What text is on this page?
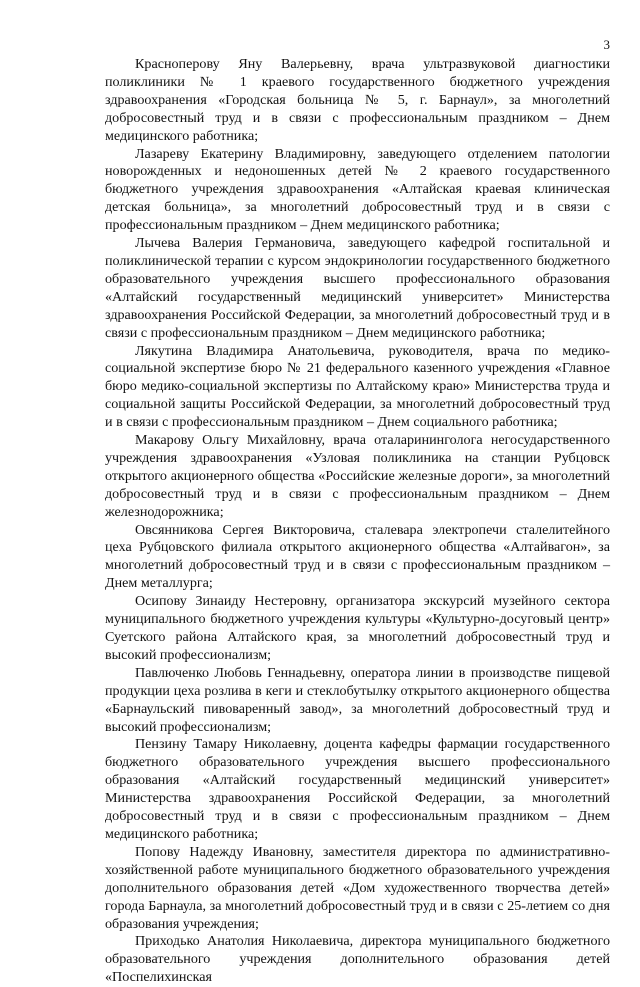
3

Красноперову Яну Валерьевну, врача ультразвуковой диагностики поликлиники № 1 краевого государственного бюджетного учреждения здравоохранения «Городская больница № 5, г. Барнаул», за многолетний добросовестный труд и в связи с профессиональным праздником – Днем медицинского работника;

Лазареву Екатерину Владимировну, заведующего отделением патологии новорожденных и недоношенных детей № 2 краевого государственного бюджетного учреждения здравоохранения «Алтайская краевая клиническая детская больница», за многолетний добросовестный труд и в связи с профессиональным праздником – Днем медицинского работника;

Лычева Валерия Германовича, заведующего кафедрой госпитальной и поликлинической терапии с курсом эндокринологии государственного бюджетного образовательного учреждения высшего профессионального образования «Алтайский государственный медицинский университет» Министерства здравоохранения Российской Федерации, за многолетний добросовестный труд и в связи с профессиональным праздником – Днем медицинского работника;

Лякутина Владимира Анатольевича, руководителя, врача по медико-социальной экспертизе бюро № 21 федерального казенного учреждения «Главное бюро медико-социальной экспертизы по Алтайскому краю» Министерства труда и социальной защиты Российской Федерации, за многолетний добросовестный труд и в связи с профессиональным праздником – Днем социального работника;

Макарову Ольгу Михайловну, врача оталарининголога негосударственного учреждения здравоохранения «Узловая поликлиника на станции Рубцовск открытого акционерного общества «Российские железные дороги», за многолетний добросовестный труд и в связи с профессиональным праздником – Днем железнодорожника;

Овсянникова Сергея Викторовича, сталевара электропечи сталелитейного цеха Рубцовского филиала открытого акционерного общества «Алтайвагон», за многолетний добросовестный труд и в связи с профессиональным праздником – Днем металлурга;

Осипову Зинаиду Нестеровну, организатора экскурсий музейного сектора муниципального бюджетного учреждения культуры «Культурно-досуговый центр» Суетского района Алтайского края, за многолетний добросовестный труд и высокий профессионализм;

Павлюченко Любовь Геннадьевну, оператора линии в производстве пищевой продукции цеха розлива в кеги и стеклобутылку открытого акционерного общества «Барнаульский пивоваренный завод», за многолетний добросовестный труд и высокий профессионализм;

Пензину Тамару Николаевну, доцента кафедры фармации государственного бюджетного образовательного учреждения высшего профессионального образования «Алтайский государственный медицинский университет» Министерства здравоохранения Российской Федерации, за многолетний добросовестный труд и в связи с профессиональным праздником – Днем медицинского работника;

Попову Надежду Ивановну, заместителя директора по административно-хозяйственной работе муниципального бюджетного образовательного учреждения дополнительного образования детей «Дом художественного творчества детей» города Барнаула, за многолетний добросовестный труд и в связи с 25-летием со дня образования учреждения;

Приходько Анатолия Николаевича, директора муниципального бюджетного образовательного учреждения дополнительного образования детей «Поспелихинская
